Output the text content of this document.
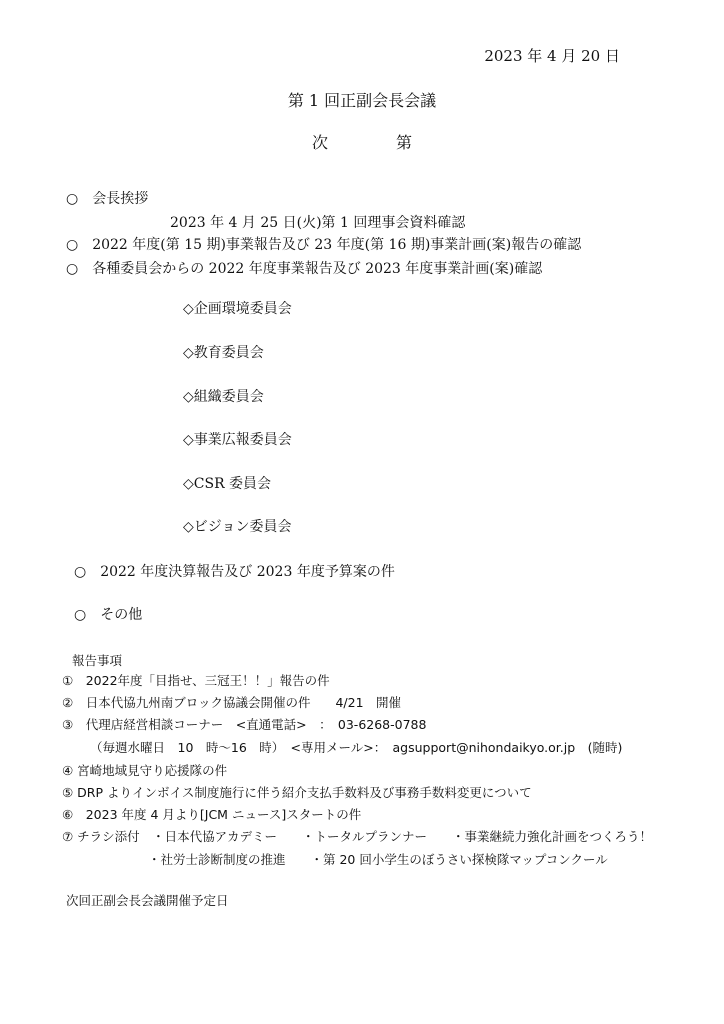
2023 年 4 月 20 日
第 1 回正副会長会議
次　第
○　会長挨拶
2023 年 4 月 25 日(火)第 1 回理事会資料確認
○　2022 年度(第 15 期)事業報告及び 23 年度(第 16 期)事業計画(案)報告の確認
○　各種委員会からの 2022 年度事業報告及び 2023 年度事業計画(案)確認
◇企画環境委員会
◇教育委員会
◇組織委員会
◇事業広報委員会
◇CSR 委員会
◇ビジョン委員会
○　2022 年度決算報告及び 2023 年度予算案の件
○　その他
報告事項
①　2022年度「目指せ、三冠王！！」報告の件
②　日本代協九州南ブロック協議会開催の件　　4/21　開催
③　代理店経営相談コーナー　<直通電話>　：　03-6268-0788
（毎週水曜日　10　時～16　時）　<専用メール>：　agsupport@nihondaikyo.or.jp　(随時)
④ 宮崎地域見守り応援隊の件
⑤ DRP よりインボイス制度施行に伴う紹介支払手数料及び事務手数料変更について
⑥　2023 年度 4 月より[JCM ニュース]スタートの件
⑦ チラシ添付　・日本代協アカデミー　　・トータルプランナー　　・事業継続力強化計画をつくろう！
・社労士診断制度の推進　　・第 20 回小学生のぼうさい探検隊マップコンクール
次回正副会長会議開催予定日
